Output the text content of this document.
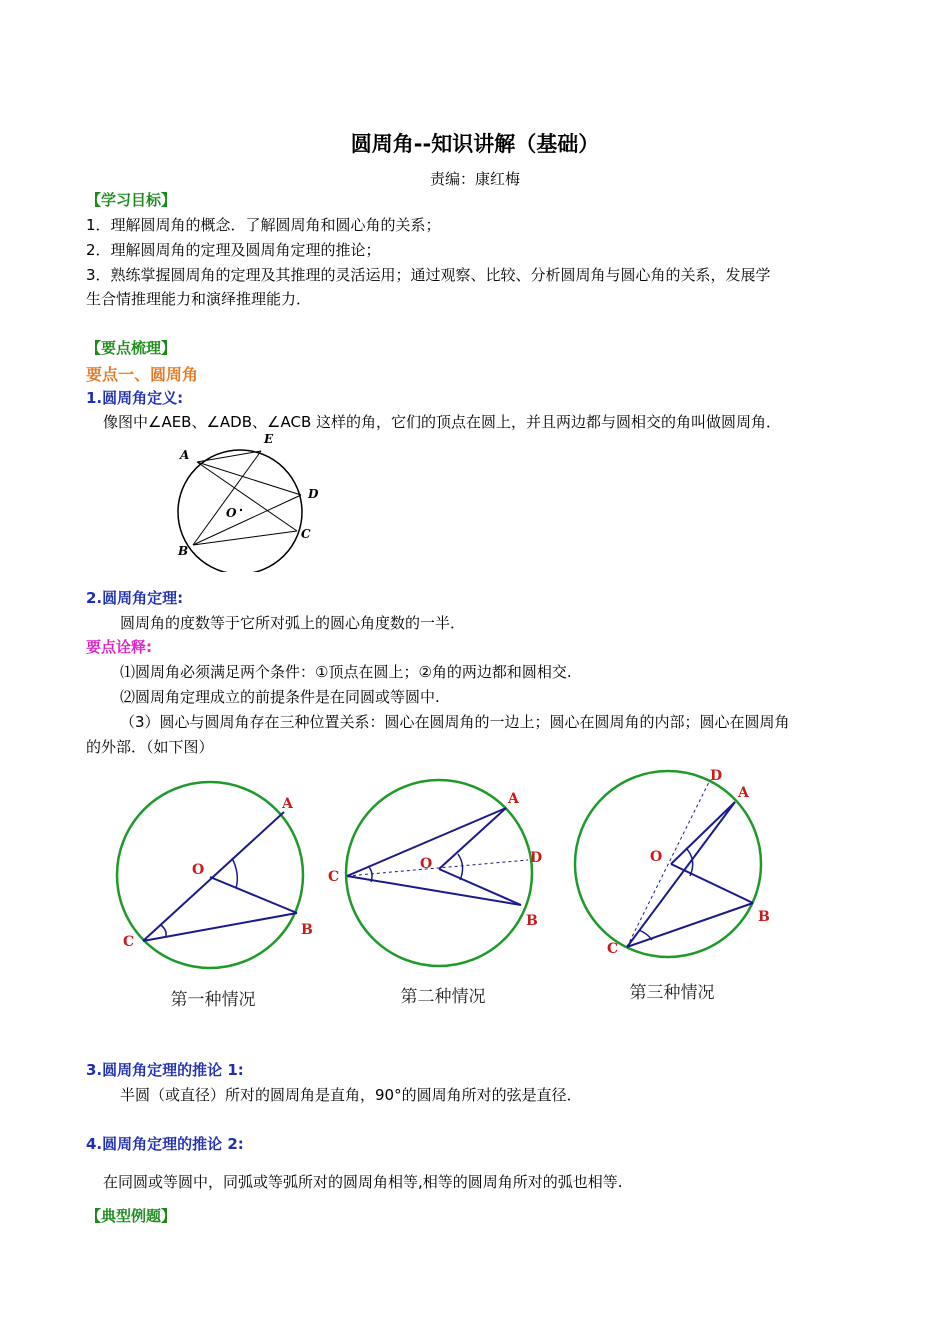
圆周角--知识讲解（基础）
责编：康红梅
【学习目标】
1．理解圆周角的概念．了解圆周角和圆心角的关系；
2．理解圆周角的定理及圆周角定理的推论；
3．熟练掌握圆周角的定理及其推理的灵活运用；通过观察、比较、分析圆周角与圆心角的关系，发展学
生合情推理能力和演绎推理能力．
【要点梳理】
要点一、圆周角
1.圆周角定义:
像图中∠AEB、∠ADB、∠ACB 这样的角，它们的顶点在圆上，并且两边都与圆相交的角叫做圆周角．
A
E
D
O
C
B
2.圆周角定理:
圆周角的度数等于它所对弧上的圆心角度数的一半．
要点诠释:
⑴圆周角必须满足两个条件：①顶点在圆上；②角的两边都和圆相交.
⑵圆周角定理成立的前提条件是在同圆或等圆中.
（3）圆心与圆周角存在三种位置关系：圆心在圆周角的一边上；圆心在圆周角的内部；圆心在圆周角
的外部．（如下图）
A
O
C
B
第一种情况
A
O	D
C
B
第二种情况
D
A
O
C
B
第三种情况
3.圆周角定理的推论 1:
半圆（或直径）所对的圆周角是直角，90°的圆周角所对的弦是直径．
4.圆周角定理的推论 2:
在同圆或等圆中，同弧或等弧所对的圆周角相等,相等的圆周角所对的弧也相等.
【典型例题】
